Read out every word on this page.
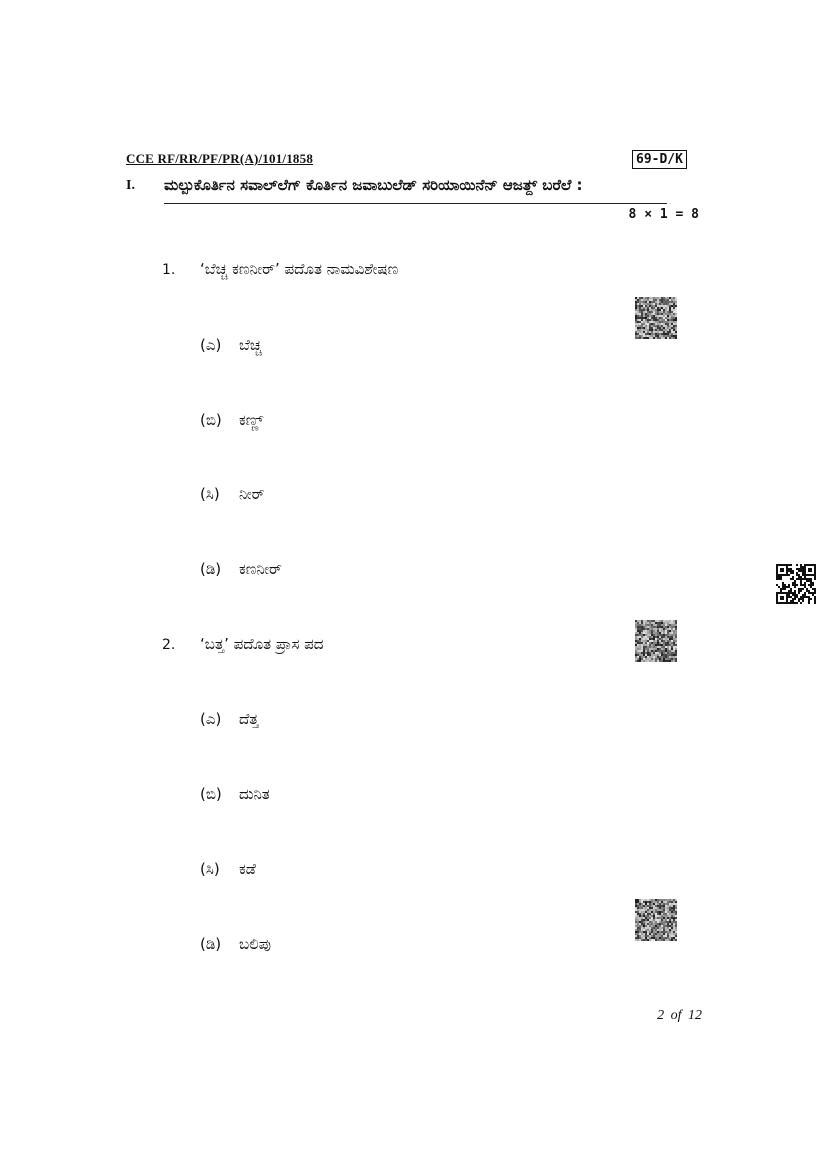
CCE RF/RR/PF/PR(A)/101/1858	69-D/K
I. ಮಲ್ಪುಕೊರ್ತಿನ ಸವಾಲ್‌ಲೆಗ್ ಕೊರ್ತಿನ ಜವಾಬುಲೆಡ್ ಸರಿಯಾಯಿನೆನ್ ಆಜತ್ದ್ ಬರೆಲೆ :
8 × 1 = 8
1. ‘ಬೆಚ್ಚ ಕಣನೀರ್’ ಪದೊತ ನಾಮವಿಶೇಷಣ
(ಎ) ಬೆಚ್ಚ
(ಬಿ) ಕಣ್ಣ್
(ಸಿ) ನೀರ್
(ಡಿ) ಕಣನೀರ್
2. ‘ಬತ್ತ’ ಪದೊತ ಪ್ರಾಸ ಪದ
(ಎ) ದೆತ್ತ
(ಬಿ) ದುನಿತ
(ಸಿ) ಕಡೆ
(ಡಿ) ಬಲಿಪು
2 of 12
